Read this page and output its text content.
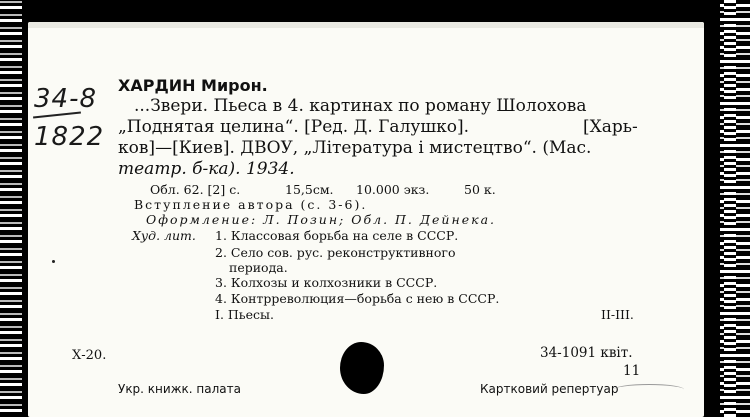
34-8
1822
ХАРДИН Мирон.
...Звери. Пьеса в 4. картинах по роману Шолохова
„Поднятая целина“. [Ред. Д. Галушко].	[Харь-
ков]—[Киев]. ДВОУ, „Література і мистецтво“. (Мас.
театр. б-ка). 1934.
Обл. 62. [2] с.	15,5см. 10.000 экз.	50 к.
Вступление автора (с. 3-6).
Оформление: Л. Позин; Обл. П. Дейнека.
Худ. лит. 1. Классовая борьба на селе в СССР.
2. Село сов. рус. реконструктивного
периода.
3. Колхозы и колхозники в СССР.
4. Контрреволюция—борьба с нею в СССР.
I. Пьесы.	II-III.
Х-20.	34-1091 квіт.
11
Укр. книжк. палата	Картковий репертуар
